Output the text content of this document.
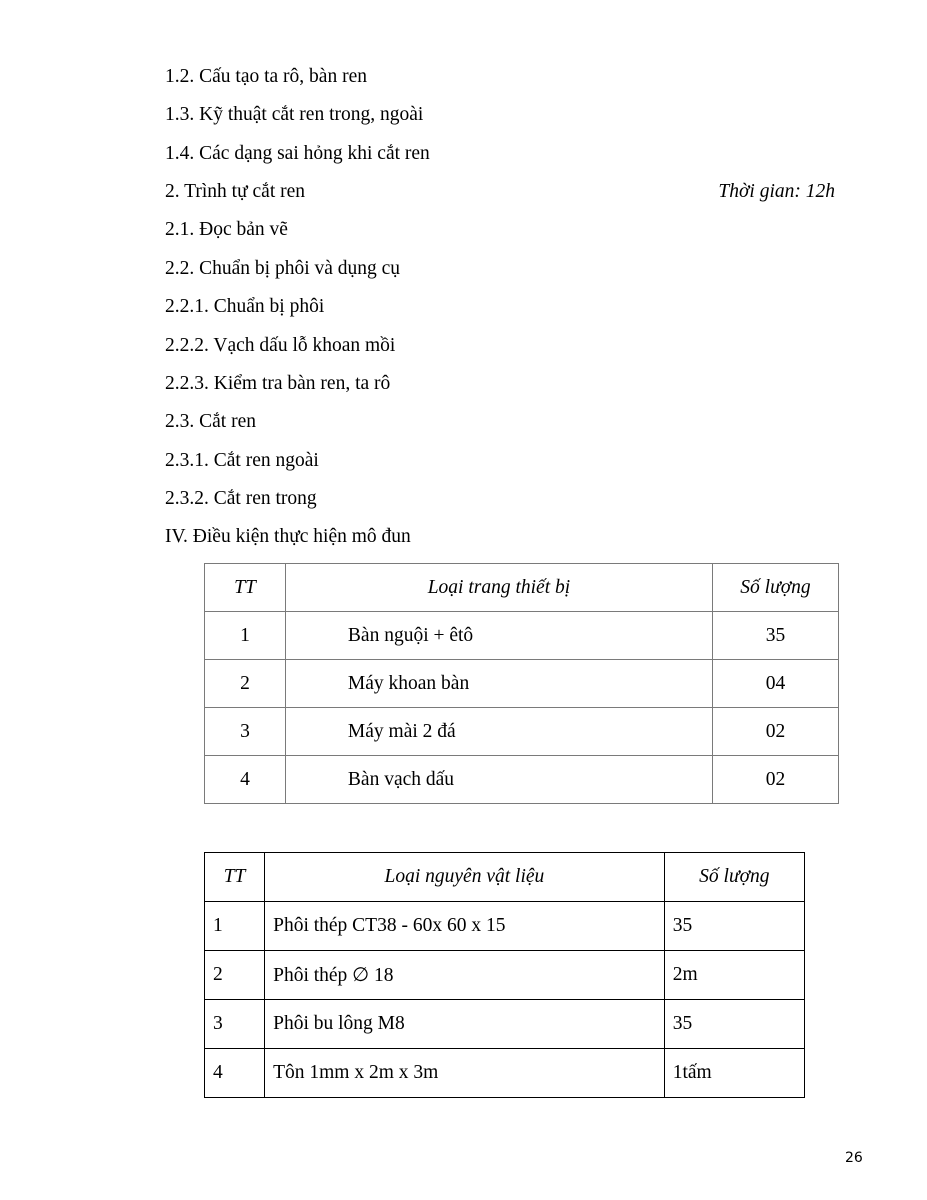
1.2. Cấu tạo ta rô, bàn ren
1.3. Kỹ thuật cắt ren trong, ngoài
1.4. Các dạng sai hỏng khi cắt ren
2. Trình tự cắt ren	Thời gian: 12h
2.1. Đọc bản vẽ
2.2. Chuẩn bị phôi và dụng cụ
2.2.1. Chuẩn bị phôi
2.2.2. Vạch dấu lỗ khoan mồi
2.2.3. Kiểm tra bàn ren, ta rô
2.3. Cắt ren
2.3.1. Cắt ren ngoài
2.3.2. Cắt ren trong
IV. Điều kiện thực hiện mô đun
TT	Loại trang thiết bị	Số lượng
1	Bàn nguội + êtô	35
2	Máy khoan bàn	04
3	Máy mài 2 đá	02
4	Bàn vạch dấu	02
TT	Loại nguyên vật liệu	Số lượng
1	Phôi thép CT38 - 60x 60 x 15	35
2	Phôi thép ∅ 18	2m
3	Phôi bu lông M8	35
4	Tôn 1mm x 2m x 3m	1tấm
26
